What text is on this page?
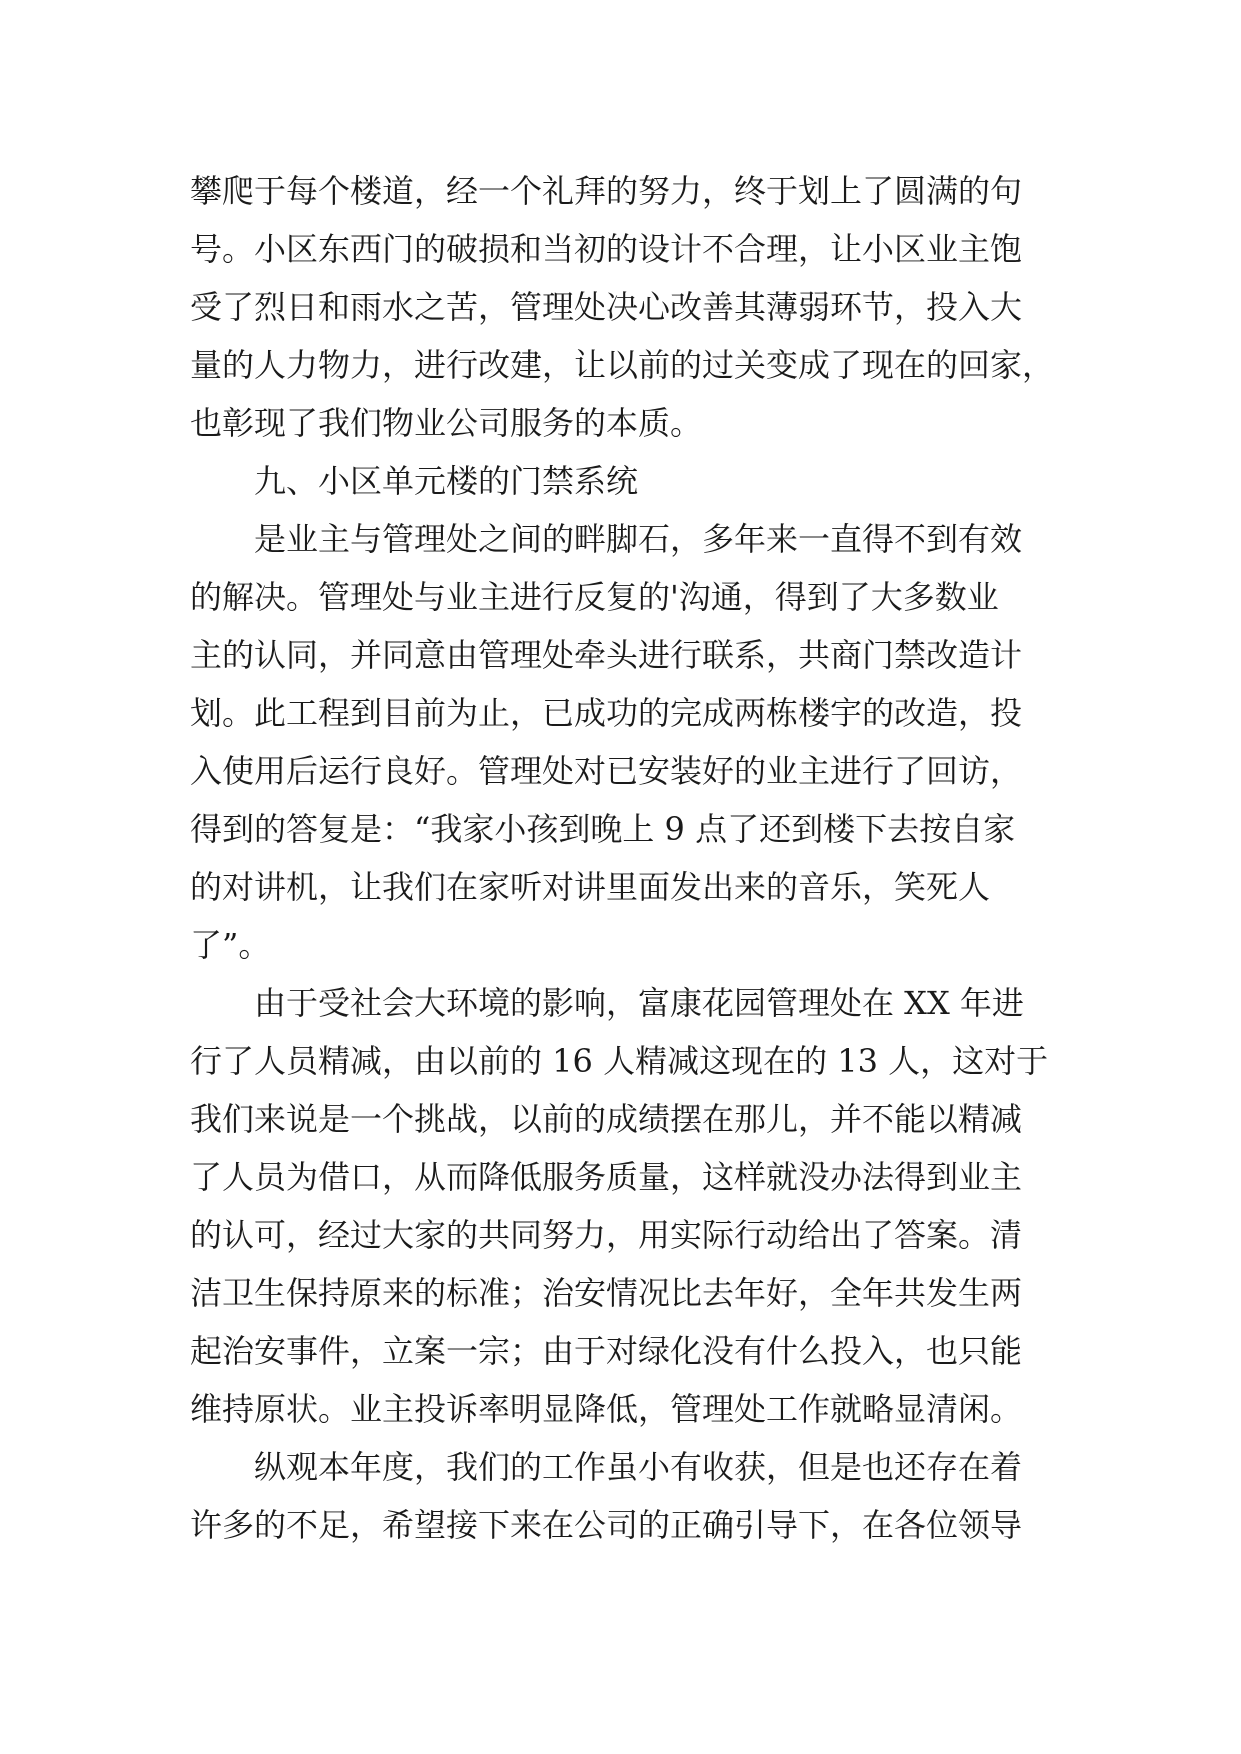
攀爬于每个楼道，经一个礼拜的努力，终于划上了圆满的句
号。小区东西门的破损和当初的设计不合理，让小区业主饱
受了烈日和雨水之苦，管理处决心改善其薄弱环节，投入大
量的人力物力，进行改建，让以前的过关变成了现在的回家，
也彰现了我们物业公司服务的本质。
九、小区单元楼的门禁系统
是业主与管理处之间的畔脚石，多年来一直得不到有效
的解决。管理处与业主进行反复的'沟通，得到了大多数业
主的认同，并同意由管理处牵头进行联系，共商门禁改造计
划。此工程到目前为止，已成功的完成两栋楼宇的改造，投
入使用后运行良好。管理处对已安装好的业主进行了回访，
得到的答复是：“我家小孩到晚上 9 点了还到楼下去按自家
的对讲机，让我们在家听对讲里面发出来的音乐，笑死人
了”。
由于受社会大环境的影响，富康花园管理处在 XX 年进
行了人员精减，由以前的 16 人精减这现在的 13 人，这对于
我们来说是一个挑战，以前的成绩摆在那儿，并不能以精减
了人员为借口，从而降低服务质量，这样就没办法得到业主
的认可，经过大家的共同努力，用实际行动给出了答案。清
洁卫生保持原来的标准；治安情况比去年好，全年共发生两
起治安事件，立案一宗；由于对绿化没有什么投入，也只能
维持原状。业主投诉率明显降低，管理处工作就略显清闲。
纵观本年度，我们的工作虽小有收获，但是也还存在着
许多的不足，希望接下来在公司的正确引导下，在各位领导
